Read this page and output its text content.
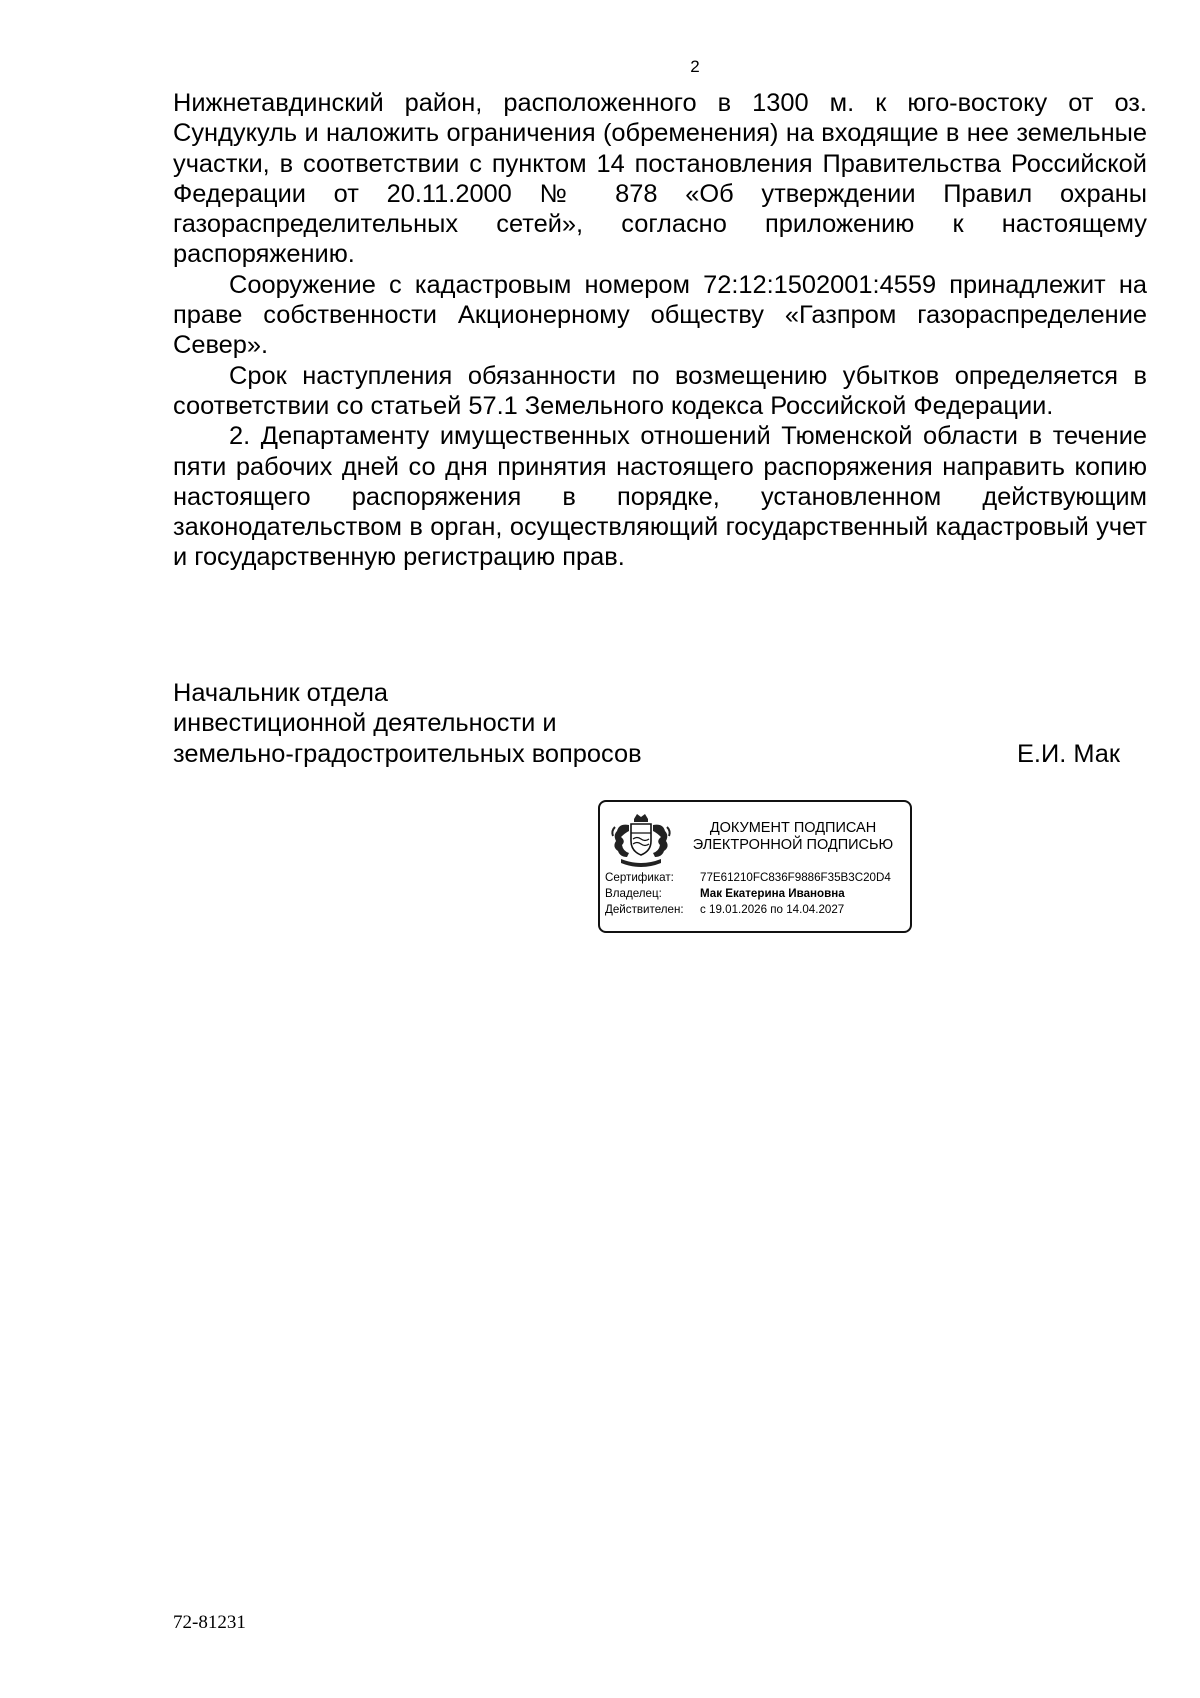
2

Нижнетавдинский район, расположенного в 1300 м. к юго-востоку от оз. Сундукуль и наложить ограничения (обременения) на входящие в нее земельные участки, в соответствии с пунктом 14 постановления Правительства Российской Федерации от 20.11.2000 № 878 «Об утверждении Правил охраны газораспределительных сетей», согласно приложению к настоящему распоряжению.

Сооружение с кадастровым номером 72:12:1502001:4559 принадлежит на праве собственности Акционерному обществу «Газпром газораспределение Север».

Срок наступления обязанности по возмещению убытков определяется в соответствии со статьей 57.1 Земельного кодекса Российской Федерации.

2. Департаменту имущественных отношений Тюменской области в течение пяти рабочих дней со дня принятия настоящего распоряжения направить копию настоящего распоряжения в порядке, установленном действующим законодательством в орган, осуществляющий государственный кадастровый учет и государственную регистрацию прав.

Начальник отдела
инвестиционной деятельности и
земельно-градостроительных вопросов	Е.И. Мак
ДОКУМЕНТ ПОДПИСАН
ЭЛЕКТРОННОЙ ПОДПИСЬЮ
Сертификат:	77E61210FC836F9886F35B3C20D4
Владелец:	Мак Екатерина Ивановна
Действителен:	с 19.01.2026 по 14.04.2027
72-81231
